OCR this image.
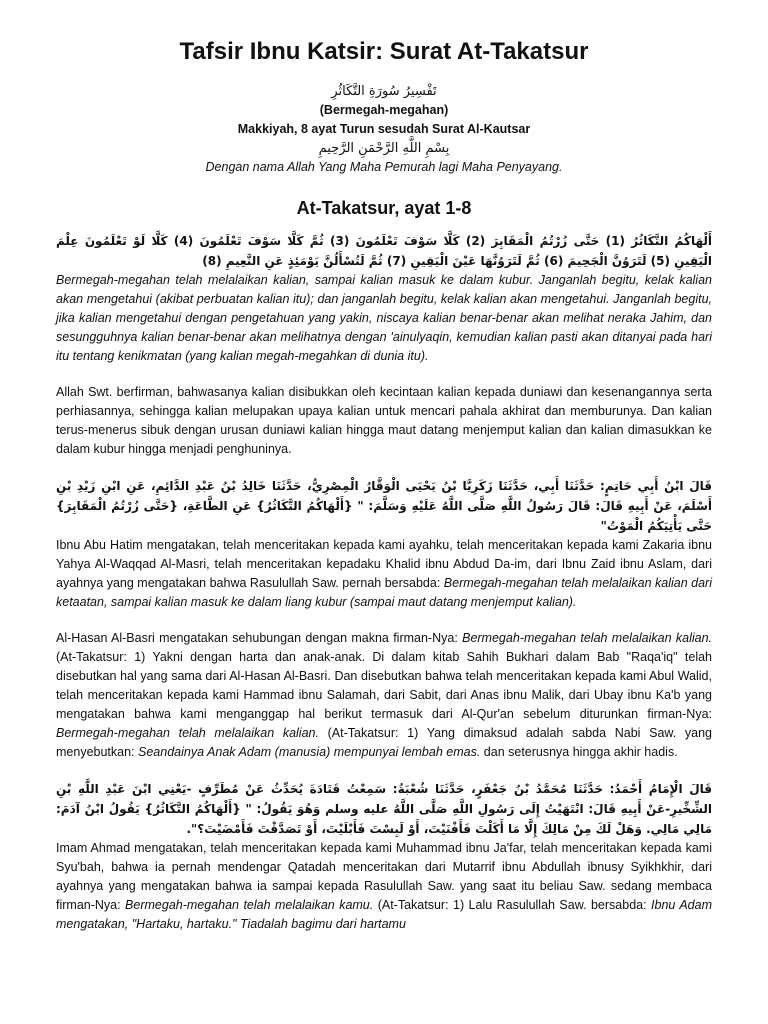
Tafsir Ibnu Katsir: Surat At-Takatsur

تَفْسِيرُ سُورَةِ التَّكَاثُرِ

(Bermegah-megahan)

Makkiyah, 8 ayat Turun sesudah Surat Al-Kautsar

بِسْمِ اللَّهِ الرَّحْمَنِ الرَّحِيمِ

Dengan nama Allah Yang Maha Pemurah lagi Maha Penyayang.

At-Takatsur, ayat 1-8

أَلْهَاكُمُ التَّكَاثُرُ (1) حَتَّى زُرْتُمُ الْمَقَابِرَ (2) كَلَّا سَوْفَ تَعْلَمُونَ (3) ثُمَّ كَلَّا سَوْفَ تَعْلَمُونَ (4) كَلَّا لَوْ تَعْلَمُونَ عِلْمَ الْيَقِينِ (5) لَتَرَوُنَّ الْجَحِيمَ (6) ثُمَّ لَتَرَوُنَّهَا عَيْنَ الْيَقِينِ (7) ثُمَّ لَتُسْأَلُنَّ يَوْمَئِذٍ عَنِ النَّعِيمِ (8)

Bermegah-megahan telah melalaikan kalian, sampai kalian masuk ke dalam kubur. Janganlah begitu, kelak kalian akan mengetahui (akibat perbuatan kalian itu); dan janganlah begitu, kelak kalian akan mengetahui. Janganlah begitu, jika kalian mengetahui dengan pengetahuan yang yakin, niscaya kalian benar-benar akan melihat neraka Jahim, dan sesungguhnya kalian benar-benar akan melihatnya dengan 'ainulyaqin, kemudian kalian pasti akan ditanyai pada hari itu tentang kenikmatan (yang kalian megah-megahkan di dunia itu).

Allah Swt. berfirman, bahwasanya kalian disibukkan oleh kecintaan kalian kepada duniawi dan kesenangannya serta perhiasannya, sehingga kalian melupakan upaya kalian untuk mencari pahala akhirat dan memburunya. Dan kalian terus-menerus sibuk dengan urusan duniawi kalian hingga maut datang menjemput kalian dan kalian dimasukkan ke dalam kubur hingga menjadi penghuninya.

قَالَ ابْنُ أَبِي حَاتِمٍ: حَدَّثَنَا أَبِي، حَدَّثَنَا زَكَرِيَّا بْنُ يَحْيَى الْوَقَّارُ الْمِصْرِيُّ، حَدَّثَنَا خَالِدُ بْنُ عَبْدِ الدَّائِمِ، عَنِ ابْنِ زَيْدِ بْنِ أَسْلَمَ، عَنْ أَبِيهِ قَالَ: قَالَ رَسُولُ اللَّهِ صَلَّى اللَّهُ عَلَيْهِ وَسَلَّمَ: " {أَلْهَاكُمُ التَّكَاثُرُ} عَنِ الطَّاعَةِ، {حَتَّى زُرْتُمُ الْمَقَابِرَ} حَتَّى يَأْتِيَكُمُ الْمَوْتُ"

Ibnu Abu Hatim mengatakan, telah menceritakan kepada kami ayahku, telah menceritakan kepada kami Zakaria ibnu Yahya Al-Waqqad Al-Masri, telah menceritakan kepadaku Khalid ibnu Abdud Da-im, dari Ibnu Zaid ibnu Aslam, dari ayahnya yang mengatakan bahwa Rasulullah Saw. pernah bersabda: Bermegah-megahan telah melalaikan kalian dari ketaatan, sampai kalian masuk ke dalam liang kubur (sampai maut datang menjemput kalian).

Al-Hasan Al-Basri mengatakan sehubungan dengan makna firman-Nya: Bermegah-megahan telah melalaikan kalian. (At-Takatsur: 1) Yakni dengan harta dan anak-anak. Di dalam kitab Sahih Bukhari dalam Bab "Raqa'iq" telah disebutkan hal yang sama dari Al-Hasan Al-Basri. Dan disebutkan bahwa telah menceritakan kepada kami Abul Walid, telah menceritakan kepada kami Hammad ibnu Salamah, dari Sabit, dari Anas ibnu Malik, dari Ubay ibnu Ka'b yang mengatakan bahwa kami menganggap hal berikut termasuk dari Al-Qur'an sebelum diturunkan firman-Nya: Bermegah-megahan telah melalaikan kalian. (At-Takatsur: 1) Yang dimaksud adalah sabda Nabi Saw. yang menyebutkan: Seandainya Anak Adam (manusia) mempunyai lembah emas. dan seterusnya hingga akhir hadis.

قَالَ الْإِمَامُ أَحْمَدُ: حَدَّثَنَا مُحَمَّدُ بْنُ جَعْفَرٍ، حَدَّثَنَا شُعْبَةُ: سَمِعْتُ قَتَادَةَ يُحَدِّثُ عَنْ مُطَرِّفٍ -يَعْنِي ابْنَ عَبْدِ اللَّهِ بْنِ الشِّخِّيرِ-عَنْ أَبِيهِ قَالَ: انْتَهَيْتُ إِلَى رَسُولِ اللَّهِ صَلَّى اللَّهُ عليه وسلم وَهُوَ يَقُولُ: " {أَلْهَاكُمُ التَّكَاثُرُ} يَقُولُ ابْنُ آدَمَ: مَالِي مَالِي. وَهَلْ لَكَ مِنْ مَالِكَ إِلَّا مَا أَكَلْتَ فَأَفْنَيْتَ، أَوْ لَبِسْتَ فَأَبْلَيْتَ، أَوْ تَصَدَّقْتَ فَأَمْضَيْتَ؟".

Imam Ahmad mengatakan, telah menceritakan kepada kami Muhammad ibnu Ja'far, telah menceritakan kepada kami Syu'bah, bahwa ia pernah mendengar Qatadah menceritakan dari Mutarrif ibnu Abdullah ibnusy Syikhkhir, dari ayahnya yang mengatakan bahwa ia sampai kepada Rasulullah Saw. yang saat itu beliau Saw. sedang membaca firman-Nya: Bermegah-megahan telah melalaikan kamu. (At-Takatsur: 1) Lalu Rasulullah Saw. bersabda: Ibnu Adam mengatakan, "Hartaku, hartaku." Tiadalah bagimu dari hartamu
